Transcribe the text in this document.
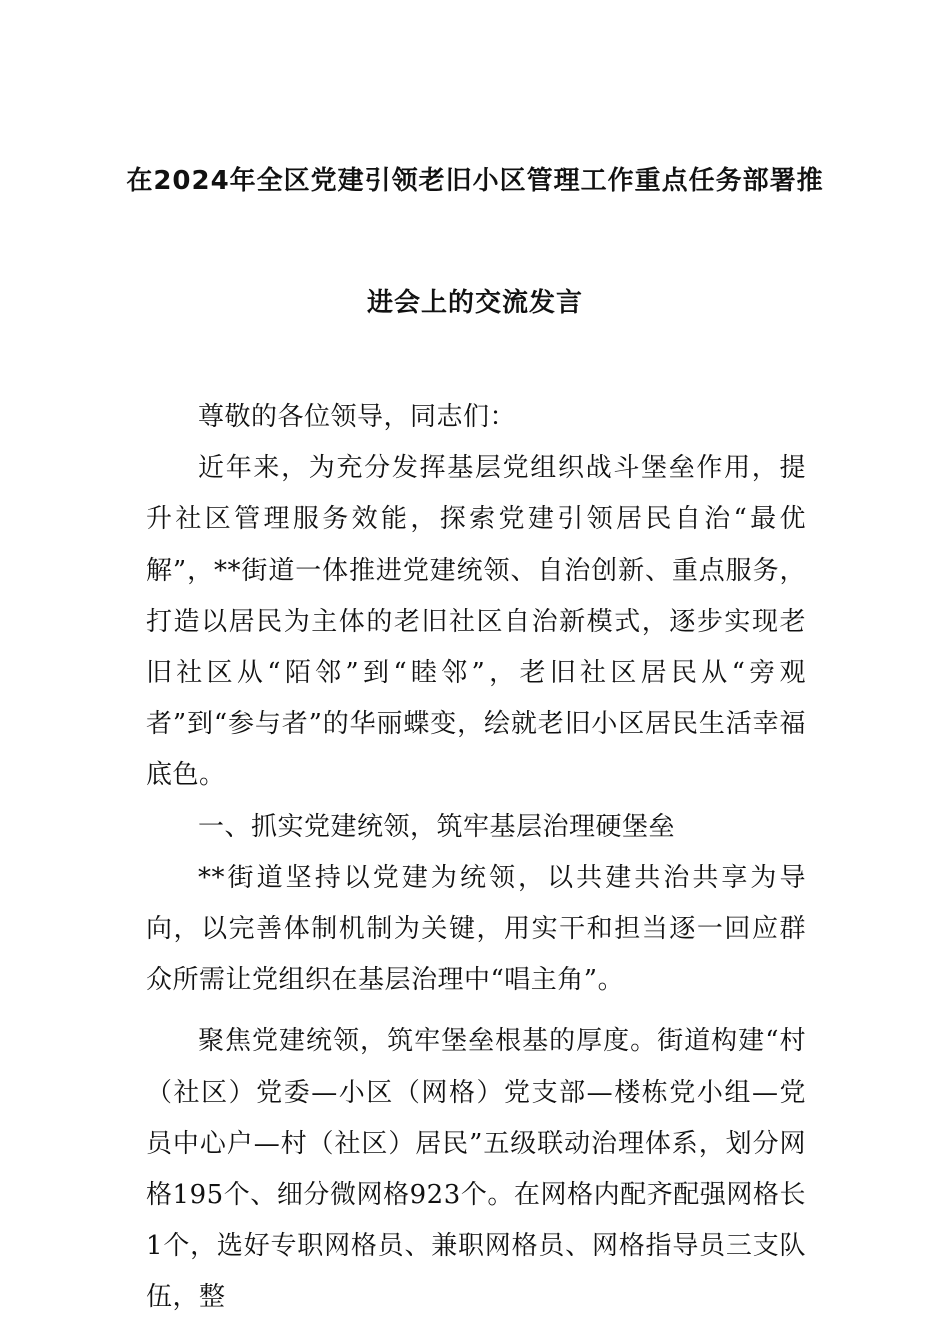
在2024年全区党建引领老旧小区管理工作重点任务部署推
进会上的交流发言

尊敬的各位领导，同志们：

近年来，为充分发挥基层党组织战斗堡垒作用，提升社区管理服务效能，探索党建引领居民自治“最优解”，**街道一体推进党建统领、自治创新、重点服务，打造以居民为主体的老旧社区自治新模式，逐步实现老旧社区从“陌邻”到“睦邻”，老旧社区居民从“旁观者”到“参与者”的华丽蝶变，绘就老旧小区居民生活幸福底色。

一、抓实党建统领，筑牢基层治理硬堡垒

**街道坚持以党建为统领，以共建共治共享为导向，以完善体制机制为关键，用实干和担当逐一回应群众所需让党组织在基层治理中“唱主角”。

聚焦党建统领，筑牢堡垒根基的厚度。街道构建“村（社区）党委—小区（网格）党支部—楼栋党小组—党员中心户—村（社区）居民”五级联动治理体系，划分网格195个、细分微网格923个。在网格内配齐配强网格长1个，选好专职网格员、兼职网格员、网格指导员三支队伍，整
